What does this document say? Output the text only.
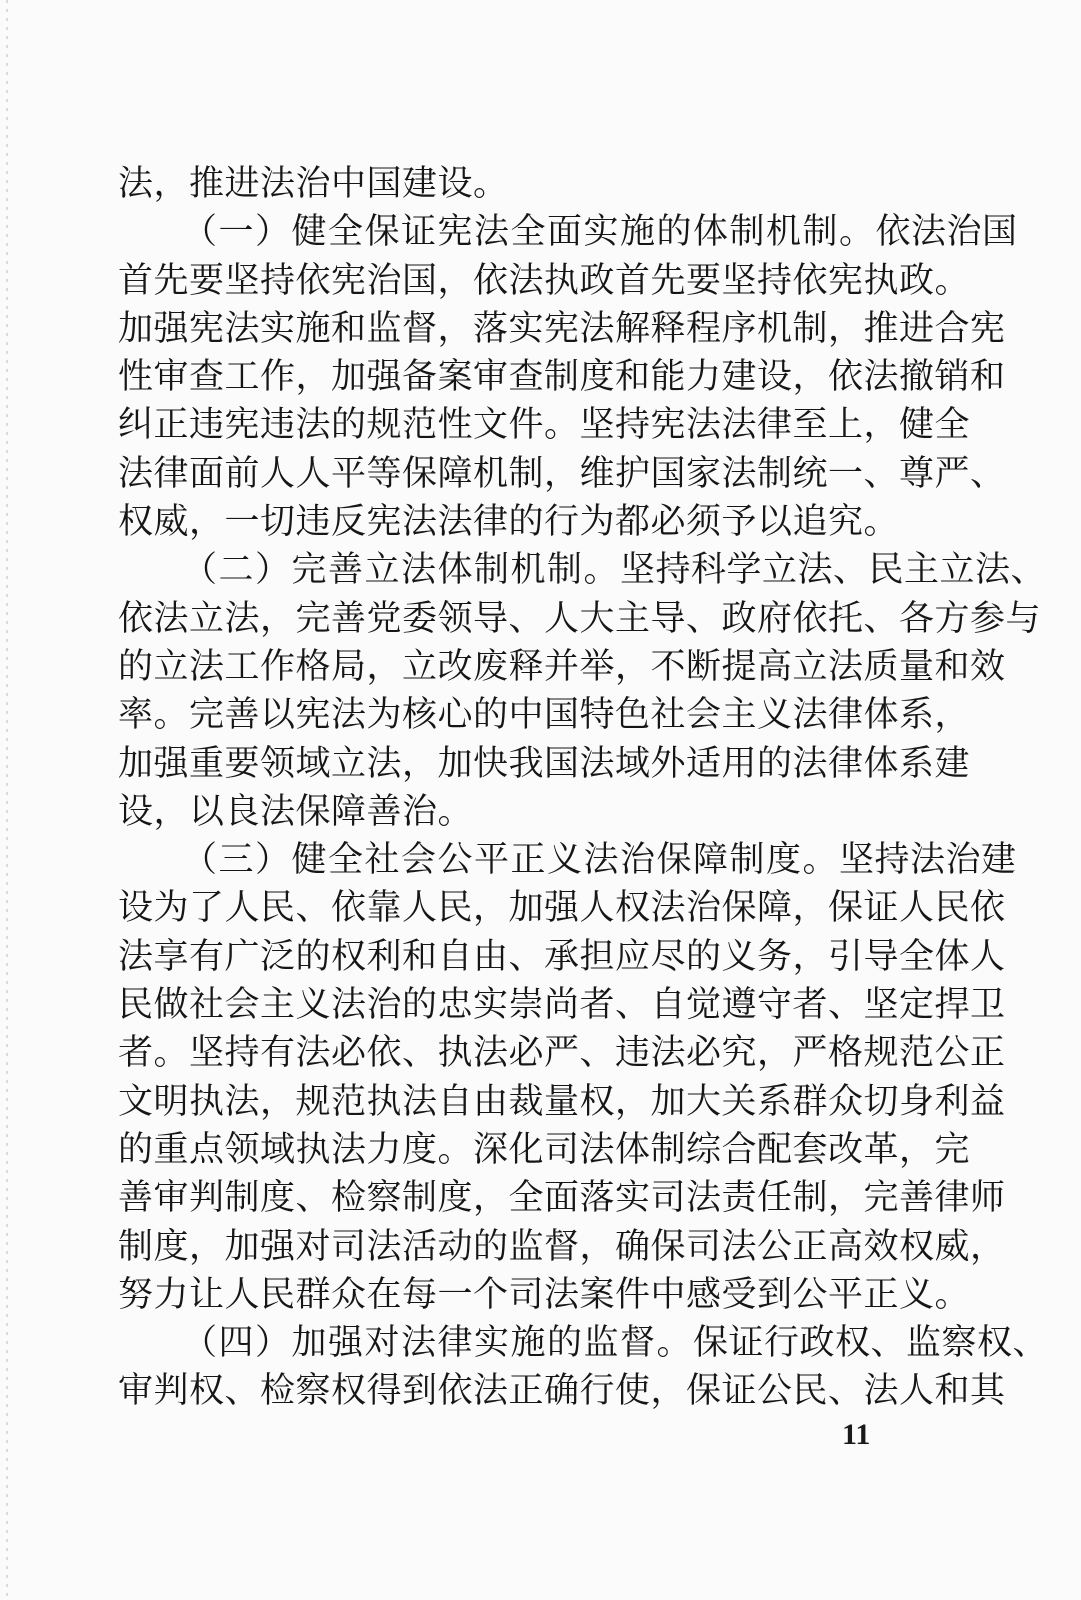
法，推进法治中国建设。
（一）健全保证宪法全面实施的体制机制。依法治国
首先要坚持依宪治国，依法执政首先要坚持依宪执政。
加强宪法实施和监督，落实宪法解释程序机制，推进合宪
性审查工作，加强备案审查制度和能力建设，依法撤销和
纠正违宪违法的规范性文件。坚持宪法法律至上，健全
法律面前人人平等保障机制，维护国家法制统一、尊严、
权威，一切违反宪法法律的行为都必须予以追究。
（二）完善立法体制机制。坚持科学立法、民主立法、
依法立法，完善党委领导、人大主导、政府依托、各方参与
的立法工作格局，立改废释并举，不断提高立法质量和效
率。完善以宪法为核心的中国特色社会主义法律体系，
加强重要领域立法，加快我国法域外适用的法律体系建
设，以良法保障善治。
（三）健全社会公平正义法治保障制度。坚持法治建
设为了人民、依靠人民，加强人权法治保障，保证人民依
法享有广泛的权利和自由、承担应尽的义务，引导全体人
民做社会主义法治的忠实崇尚者、自觉遵守者、坚定捍卫
者。坚持有法必依、执法必严、违法必究，严格规范公正
文明执法，规范执法自由裁量权，加大关系群众切身利益
的重点领域执法力度。深化司法体制综合配套改革，完
善审判制度、检察制度，全面落实司法责任制，完善律师
制度，加强对司法活动的监督，确保司法公正高效权威，
努力让人民群众在每一个司法案件中感受到公平正义。
（四）加强对法律实施的监督。保证行政权、监察权、
审判权、检察权得到依法正确行使，保证公民、法人和其
11
